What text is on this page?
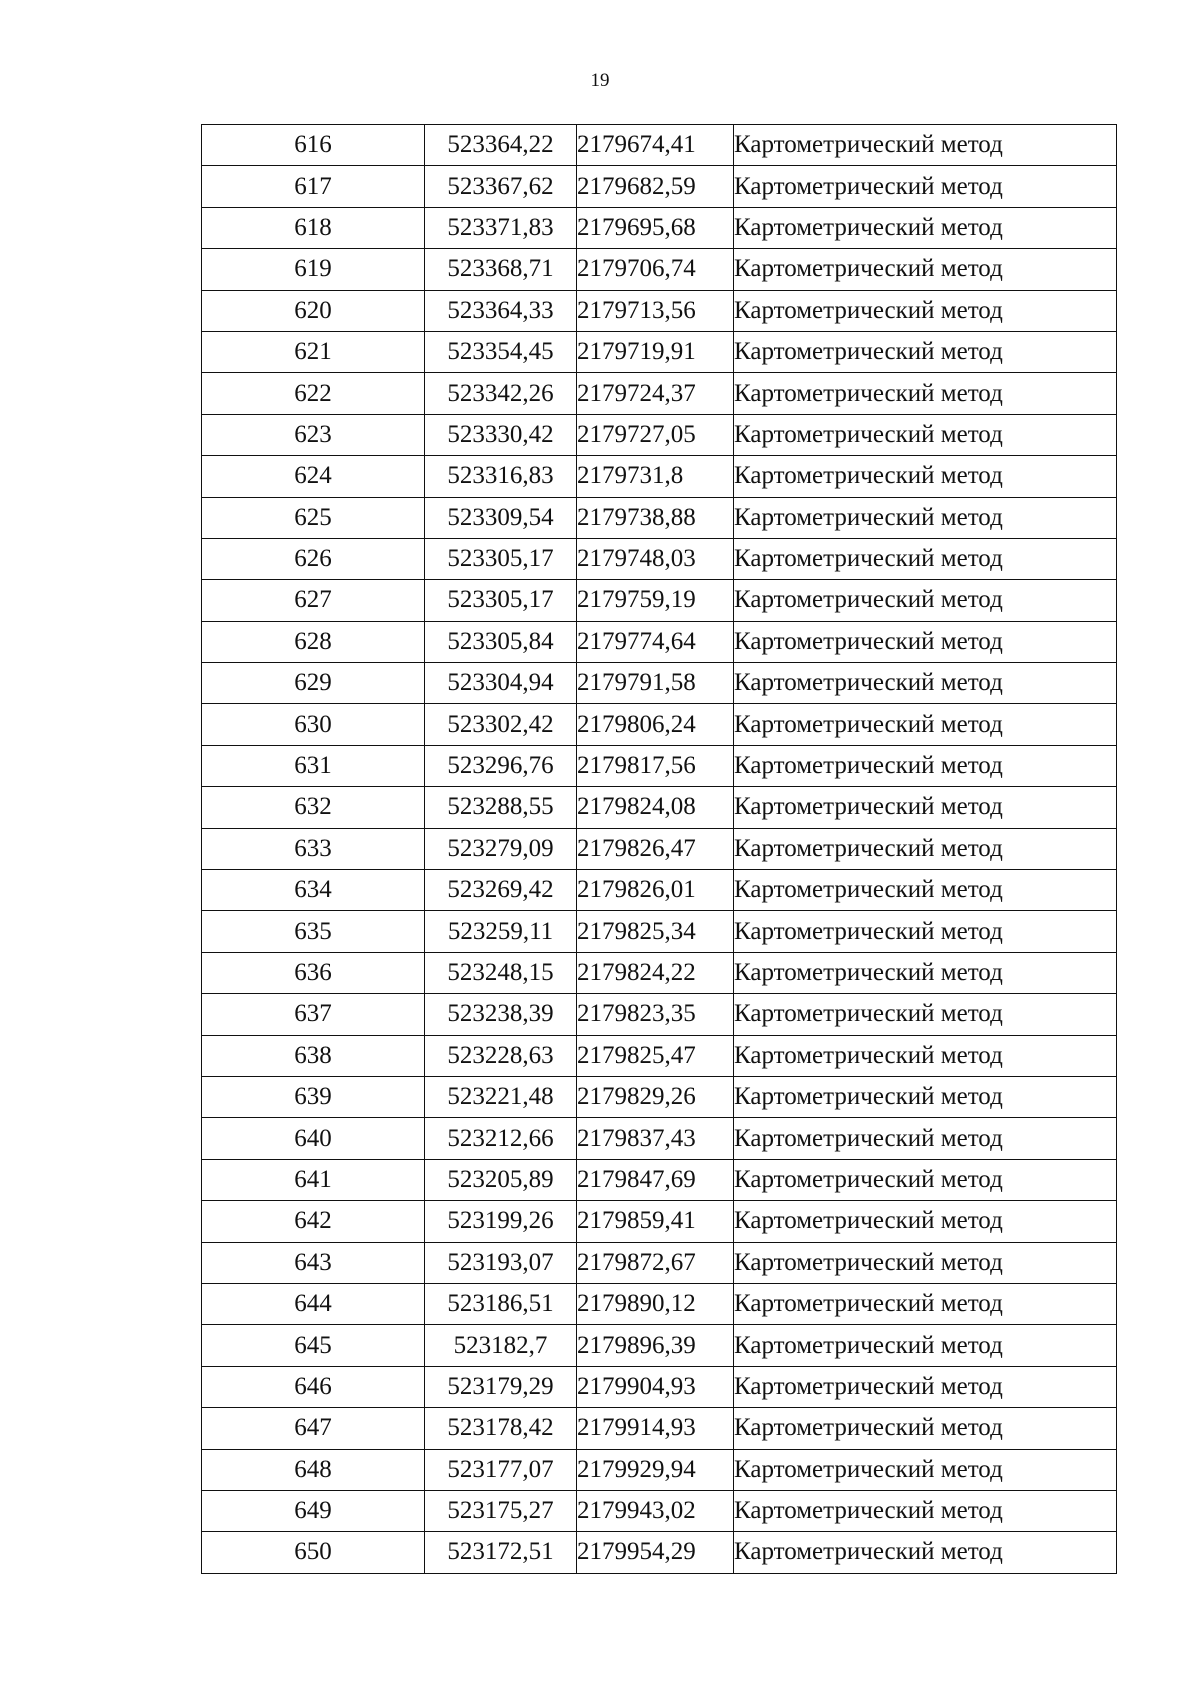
19
616	523364,22	2179674,41	Картометрический метод
617	523367,62	2179682,59	Картометрический метод
618	523371,83	2179695,68	Картометрический метод
619	523368,71	2179706,74	Картометрический метод
620	523364,33	2179713,56	Картометрический метод
621	523354,45	2179719,91	Картометрический метод
622	523342,26	2179724,37	Картометрический метод
623	523330,42	2179727,05	Картометрический метод
624	523316,83	2179731,8	Картометрический метод
625	523309,54	2179738,88	Картометрический метод
626	523305,17	2179748,03	Картометрический метод
627	523305,17	2179759,19	Картометрический метод
628	523305,84	2179774,64	Картометрический метод
629	523304,94	2179791,58	Картометрический метод
630	523302,42	2179806,24	Картометрический метод
631	523296,76	2179817,56	Картометрический метод
632	523288,55	2179824,08	Картометрический метод
633	523279,09	2179826,47	Картометрический метод
634	523269,42	2179826,01	Картометрический метод
635	523259,11	2179825,34	Картометрический метод
636	523248,15	2179824,22	Картометрический метод
637	523238,39	2179823,35	Картометрический метод
638	523228,63	2179825,47	Картометрический метод
639	523221,48	2179829,26	Картометрический метод
640	523212,66	2179837,43	Картометрический метод
641	523205,89	2179847,69	Картометрический метод
642	523199,26	2179859,41	Картометрический метод
643	523193,07	2179872,67	Картометрический метод
644	523186,51	2179890,12	Картометрический метод
645	523182,7	2179896,39	Картометрический метод
646	523179,29	2179904,93	Картометрический метод
647	523178,42	2179914,93	Картометрический метод
648	523177,07	2179929,94	Картометрический метод
649	523175,27	2179943,02	Картометрический метод
650	523172,51	2179954,29	Картометрический метод
